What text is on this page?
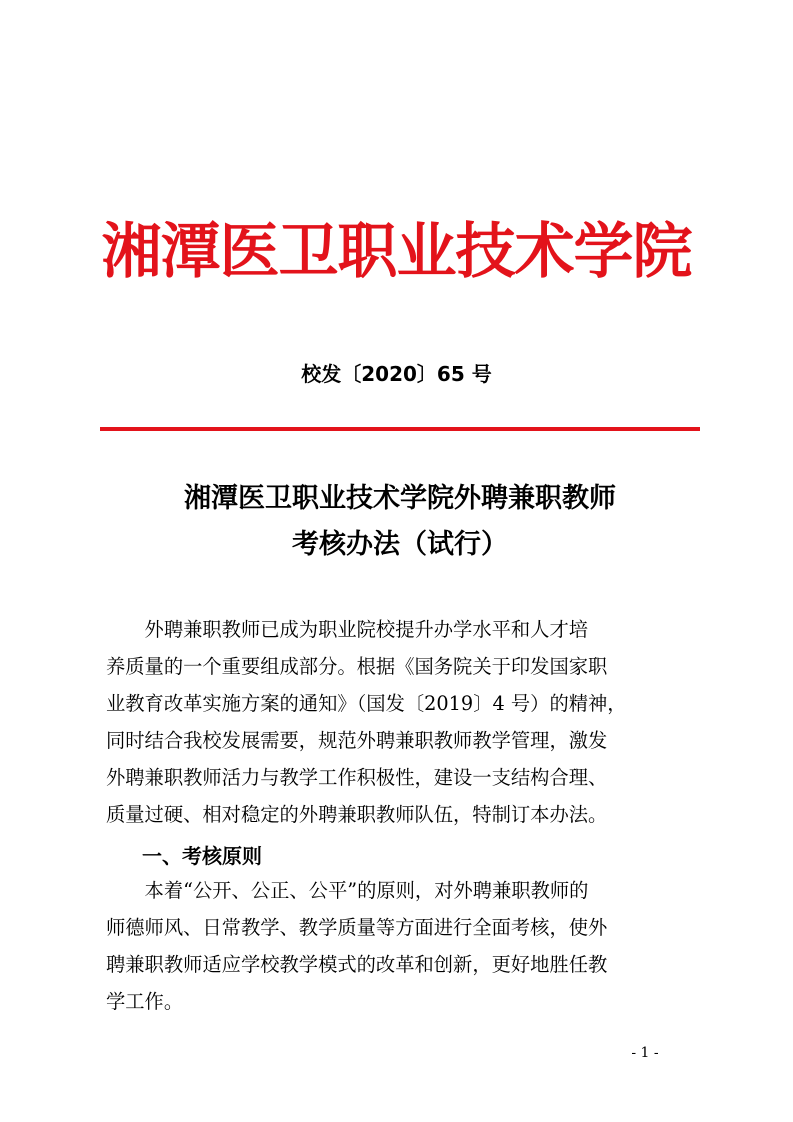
湘潭医卫职业技术学院
校发〔2020〕65 号
湘潭医卫职业技术学院外聘兼职教师
考核办法（试行）
　　外聘兼职教师已成为职业院校提升办学水平和人才培
养质量的一个重要组成部分。根据《国务院关于印发国家职
业教育改革实施方案的通知》（国发〔2019〕4 号）的精神，
同时结合我校发展需要，规范外聘兼职教师教学管理，激发
外聘兼职教师活力与教学工作积极性，建设一支结构合理、
质量过硬、相对稳定的外聘兼职教师队伍，特制订本办法。
一、考核原则
　　本着“公开、公正、公平”的原则，对外聘兼职教师的
师德师风、日常教学、教学质量等方面进行全面考核，使外
聘兼职教师适应学校教学模式的改革和创新，更好地胜任教
学工作。
- 1 -
